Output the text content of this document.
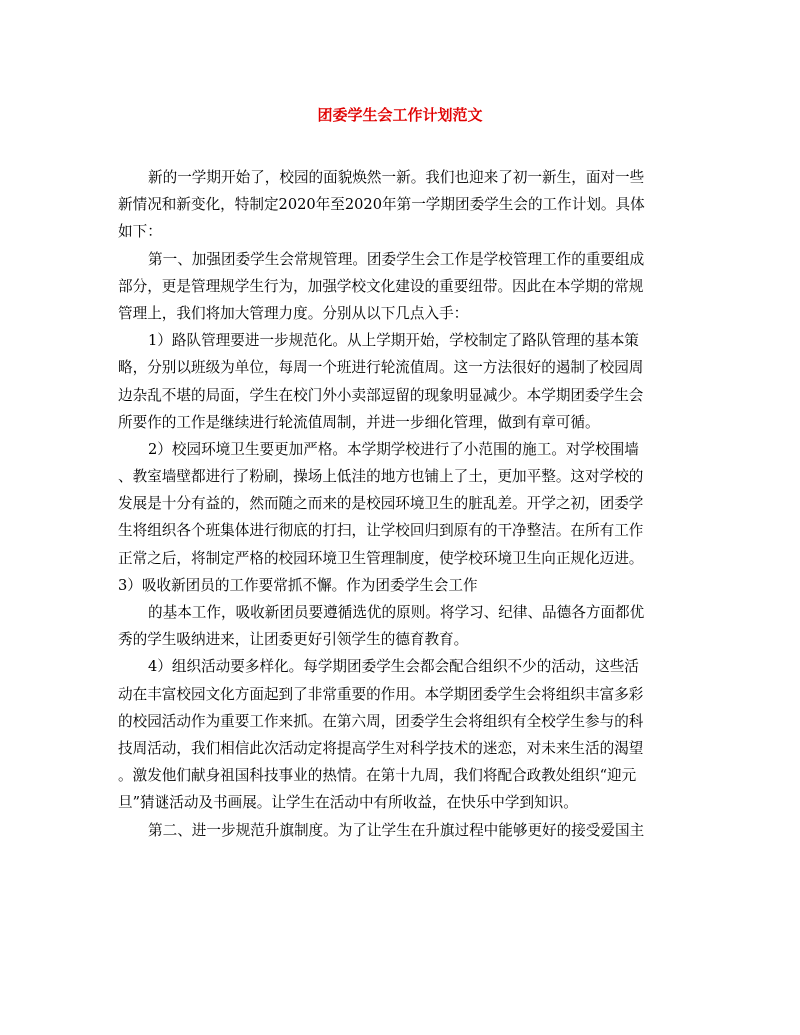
团委学生会工作计划范文
新的一学期开始了，校园的面貌焕然一新。我们也迎来了初一新生，面对一些
新情况和新变化，特制定2020年至2020年第一学期团委学生会的工作计划。具体
如下：
第一、加强团委学生会常规管理。团委学生会工作是学校管理工作的重要组成
部分，更是管理规学生行为，加强学校文化建设的重要纽带。因此在本学期的常规
管理上，我们将加大管理力度。分别从以下几点入手：
1）路队管理要进一步规范化。从上学期开始，学校制定了路队管理的基本策
略，分别以班级为单位，每周一个班进行轮流值周。这一方法很好的遏制了校园周
边杂乱不堪的局面，学生在校门外小卖部逗留的现象明显减少。本学期团委学生会
所要作的工作是继续进行轮流值周制，并进一步细化管理，做到有章可循。
2）校园环境卫生要更加严格。本学期学校进行了小范围的施工。对学校围墙
、教室墙壁都进行了粉刷，操场上低洼的地方也铺上了土，更加平整。这对学校的
发展是十分有益的，然而随之而来的是校园环境卫生的脏乱差。开学之初，团委学
生将组织各个班集体进行彻底的打扫，让学校回归到原有的干净整洁。在所有工作
正常之后，将制定严格的校园环境卫生管理制度，使学校环境卫生向正规化迈进。
3）吸收新团员的工作要常抓不懈。作为团委学生会工作
的基本工作，吸收新团员要遵循选优的原则。将学习、纪律、品德各方面都优
秀的学生吸纳进来，让团委更好引领学生的德育教育。
4）组织活动要多样化。每学期团委学生会都会配合组织不少的活动，这些活
动在丰富校园文化方面起到了非常重要的作用。本学期团委学生会将组织丰富多彩
的校园活动作为重要工作来抓。在第六周，团委学生会将组织有全校学生参与的科
技周活动，我们相信此次活动定将提高学生对科学技术的迷恋，对未来生活的渴望
。激发他们献身祖国科技事业的热情。在第十九周，我们将配合政教处组织“迎元
旦”猜谜活动及书画展。让学生在活动中有所收益，在快乐中学到知识。
第二、进一步规范升旗制度。为了让学生在升旗过程中能够更好的接受爱国主
